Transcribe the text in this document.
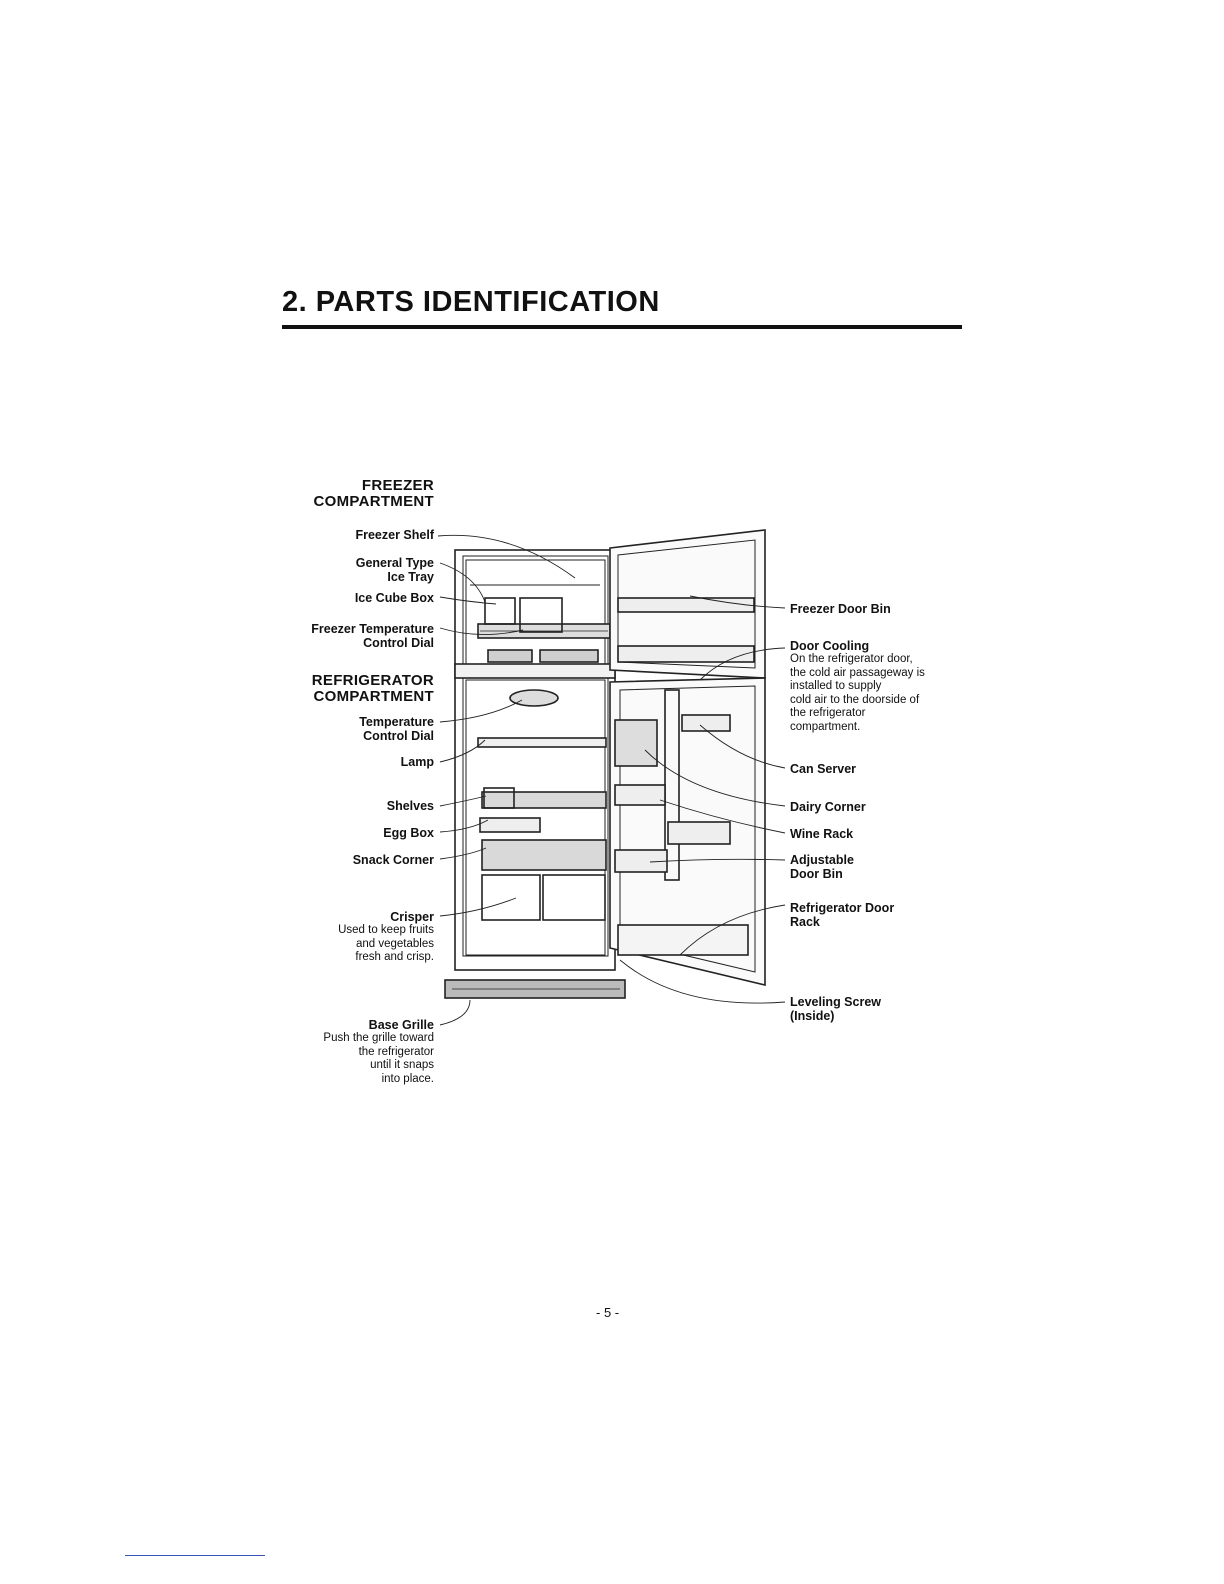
2. PARTS IDENTIFICATION
FREEZER
COMPARTMENT
Freezer Shelf
General Type
Ice Tray
Ice Cube Box
Freezer Temperature
Control Dial
REFRIGERATOR
COMPARTMENT
Temperature
Control Dial
Lamp
Shelves
Egg Box
Snack Corner
Crisper
Used to keep fruits
and vegetables
fresh and crisp.
Base Grille
Push the grille toward
the refrigerator
until it snaps
into place.
Freezer Door Bin
Door Cooling
On the refrigerator door,
the cold air passageway is
installed to supply
cold air to the doorside of
the refrigerator
compartment.
Can Server
Dairy Corner
Wine Rack
Adjustable
Door Bin
Refrigerator Door
Rack
Leveling Screw
(Inside)
- 5 -
